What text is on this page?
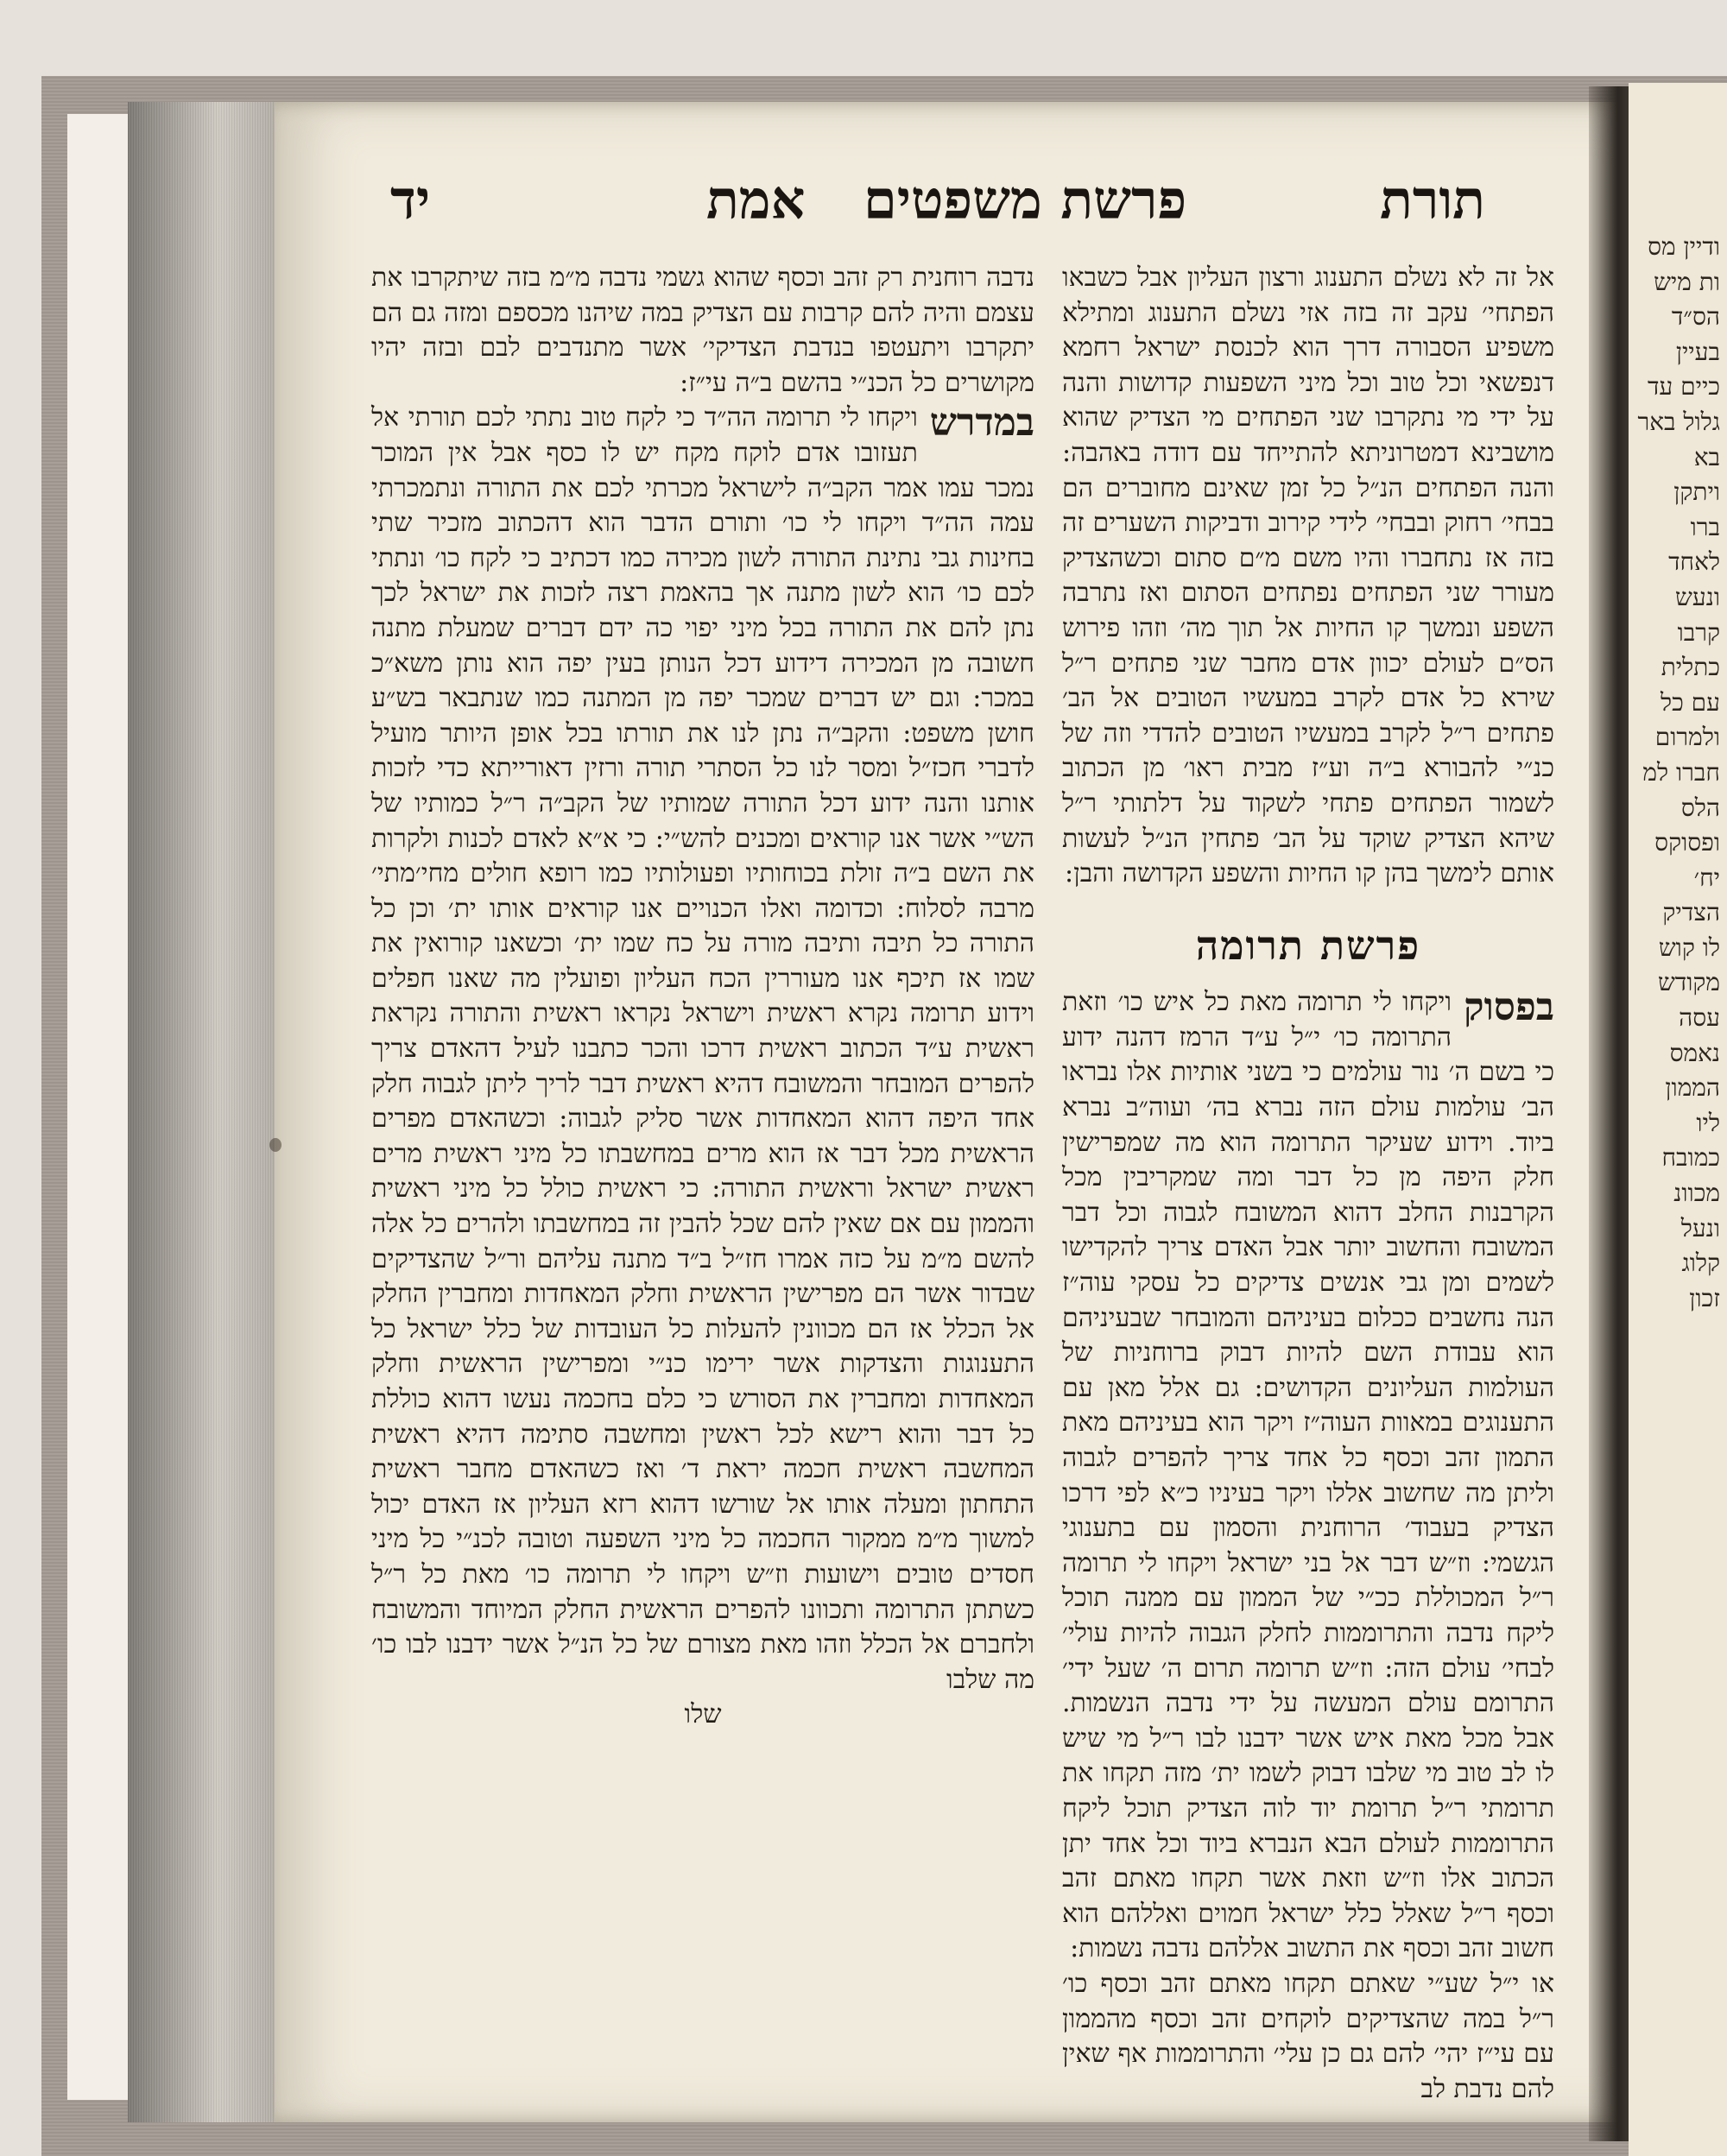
יד	אמת פרשת משפטים	תורת

אל זה לא נשלם התענוג ורצון העליון אבל כשבאו הפתחי׳ עקב זה בזה אזי נשלם התענוג ומתילא משפיע הסבורה דרך הוא לכנסת ישראל רחמא דנפשאי וכל טוב וכל מיני השפעות קדושות והנה על ידי מי נתקרבו שני הפתחים מי הצדיק שהוא מושבינא דמטרוניתא להתייחד עם דודה באהבה: והנה הפתחים הנ״ל כל זמן שאינם מחוברים הם בבחי׳ רחוק ובבחי׳ לידי קירוב ודביקות השערים זה בזה אז נתחברו והיו משם מ״ם סתום וכשהצדיק מעורר שני הפתחים נפתחים הסתום ואז נתרבה השפע ונמשך קו החיות אל תוך מה׳ וזהו פירוש הס״ם לעולם יכוון אדם מחבר שני פתחים ר״ל שירא כל אדם לקרב במעשיו הטובים אל הב׳ פתחים ר״ל לקרב במעשיו הטובים להדדי וזה של כנ״י להבורא ב״ה וע״ז מבית ראו׳ מן הכתוב לשמור הפתחים פתחי לשקוד על דלתותי ר״ל שיהא הצדיק שוקד על הב׳ פתחין הנ״ל לעשות אותם לימשך בהן קו החיות והשפע הקדושה והבן:

פרשת תרומה

בפסוק
ויקחו לי תרומה מאת כל איש כו׳ וזאת התרומה כו׳ י״ל ע״ד הרמז דהנה ידוע כי בשם ה׳ נור עולמים כי בשני אותיות אלו נבראו הב׳ עולמות עולם הזה נברא בה׳ ועוה״ב נברא ביוד. וידוע שעיקר התרומה הוא מה שמפרישין חלק היפה מן כל דבר ומה שמקריבין מכל הקרבנות החלב דהוא המשובח לגבוה וכל דבר המשובח והחשוב יותר אבל האדם צריך להקדישו לשמים ומן גבי אנשים צדיקים כל עסקי עוה״ז הנה נחשבים ככלום בעיניהם והמובחר שבעיניהם הוא עבודת השם להיות דבוק ברוחניות של העולמות העליונים הקדושים: גם אלל מאן עם התענוגים במאוות העוה״ז ויקר הוא בעיניהם מאת התמון זהב וכסף כל אחד צריך להפרים לגבוה וליתן מה שחשוב אללו ויקר בעיניו כ״א לפי דרכו הצדיק בעבוד׳ הרוחנית והסמון עם בתענוגי הגשמי: וז״ש דבר אל בני ישראל ויקחו לי תרומה ר״ל המכוללת ככ״י של הממון עם ממנה תוכל ליקח נדבה והתרוממות לחלק הגבוה להיות עולי׳ לבחי׳ עולם הזה: וז״ש תרומה תרום ה׳ שעל ידי׳ התרומם עולם המעשה על ידי נדבה הנשמות. אבל מכל מאת איש אשר ידבנו לבו ר״ל מי שיש לו לב טוב מי שלבו דבוק לשמו ית׳ מזה תקחו את תרומתי ר״ל תרומת יוד לוה הצדיק תוכל ליקח התרוממות לעולם הבא הנברא ביוד וכל אחד יתן הכתוב אלו וז״ש וזאת אשר תקחו מאתם זהב וכסף ר״ל שאלל כלל ישראל חמוים ואללהם הוא חשוב זהב וכסף את התשוב אללהם נדבה נשמות:

או י״ל שע״י שאתם תקחו מאתם זהב וכסף כו׳ ר״ל במה שהצדיקים לוקחים זהב וכסף מהממון עם עי״ז יהי׳ להם גם כן עלי׳ והתרוממות אף שאין להם נדבת לב

נדבה רוחנית רק זהב וכסף שהוא גשמי נדבה מ״מ בזה שיתקרבו את עצמם והיה להם קרבות עם הצדיק במה שיהנו מכספם ומזה גם הם יתקרבו ויתעטפו בנדבת הצדיקי׳ אשר מתנדבים לבם ובזה יהיו מקושרים כל הכנ״י בהשם ב״ה עי״ז:

במדרש
ויקחו לי תרומה הה״ד כי לקח טוב נתתי לכם תורתי אל תעזובו אדם לוקח מקח יש לו כסף אבל אין המוכר נמכר עמו אמר הקב״ה לישראל מכרתי לכם את התורה ונתמכרתי עמה הה״ד ויקחו לי כו׳ ותורם הדבר הוא דהכתוב מזכיר שתי בחינות גבי נתינת התורה לשון מכירה כמו דכתיב כי לקח כו׳ ונתתי לכם כו׳ הוא לשון מתנה אך בהאמת רצה לזכות את ישראל לכך נתן להם את התורה בכל מיני יפוי כה ידם דברים שמעלת מתנה חשובה מן המכירה דידוע דכל הנותן בעין יפה הוא נותן משא״כ במכר: וגם יש דברים שמכר יפה מן המתנה כמו שנתבאר בש״ע חושן משפט: והקב״ה נתן לנו את תורתו בכל אופן היותר מועיל לדברי חכז״ל ומסר לנו כל הסתרי תורה ורזין דאורייתא כדי לזכות אותנו והנה ידוע דכל התורה שמותיו של הקב״ה ר״ל כמותיו של הש״י אשר אנו קוראים ומכנים להש״י: כי א״א לאדם לכנות ולקרות את השם ב״ה זולת בכוחותיו ופעולותיו כמו רופא חולים מחי׳מתי׳ מרבה לסלוח: וכדומה ואלו הכנויים אנו קוראים אותו ית׳ וכן כל התורה כל תיבה ותיבה מורה על כח שמו ית׳ וכשאנו קורואין את שמו אז תיכף אנו מעוררין הכח העליון ופועלין מה שאנו חפלים וידוע תרומה נקרא ראשית וישראל נקראו ראשית והתורה נקראת ראשית ע״ד הכתוב ראשית דרכו והכר כתבנו לעיל דהאדם צריך להפרים המובחר והמשובח דהיא ראשית דבר לריך ליתן לגבוה חלק אחד היפה דהוא המאחדות אשר סליק לגבוה: וכשהאדם מפרים הראשית מכל דבר אז הוא מרים במחשבתו כל מיני ראשית מרים ראשית ישראל וראשית התורה: כי ראשית כולל כל מיני ראשית והממון עם אם שאין להם שכל להבין זה במחשבתו ולהרים כל אלה להשם מ״מ על כזה אמרו חז״ל ב״ד מתנה עליהם ור״ל שהצדיקים שבדור אשר הם מפרישין הראשית וחלק המאחדות ומחברין החלק אל הכלל אז הם מכוונין להעלות כל העובדות של כלל ישראל כל התענוגות והצדקות אשר ירימו כנ״י ומפרישין הראשית וחלק המאחדות ומחברין את הסורש כי כלם בחכמה נעשו דהוא כוללת כל דבר והוא רישא לכל ראשין ומחשבה סתימה דהיא ראשית המחשבה ראשית חכמה יראת ד׳ ואז כשהאדם מחבר ראשית התחתון ומעלה אותו אל שורשו דהוא רזא העליון אז האדם יכול למשוך מ״מ ממקור החכמה כל מיני השפעה וטובה לכנ״י כל מיני חסדים טובים וישועות וז״ש ויקחו לי תרומה כו׳ מאת כל ר״ל כשתתן התרומה ותכוונו להפרים הראשית החלק המיוחד והמשובח ולחברם אל הכלל וזהו מאת מצורם של כל הנ״ל אשר ידבנו לבו כו׳ מה שלבו

שלו

ודיין מס
ות מיש
הס״ד
בעיין
כיים עד
גלול באר
בא
ויתקן
ברו
לאחד
ונעש
קרבו
כתלית
עם כל
ולמרום
חברו למ
הלס
ופסוקס
יח׳
הצדיק
לו קוש
מקודש
עסה
נאמס
הממון
ליו
כמובח
מכוונ
ונעל
קלוג
זכון
